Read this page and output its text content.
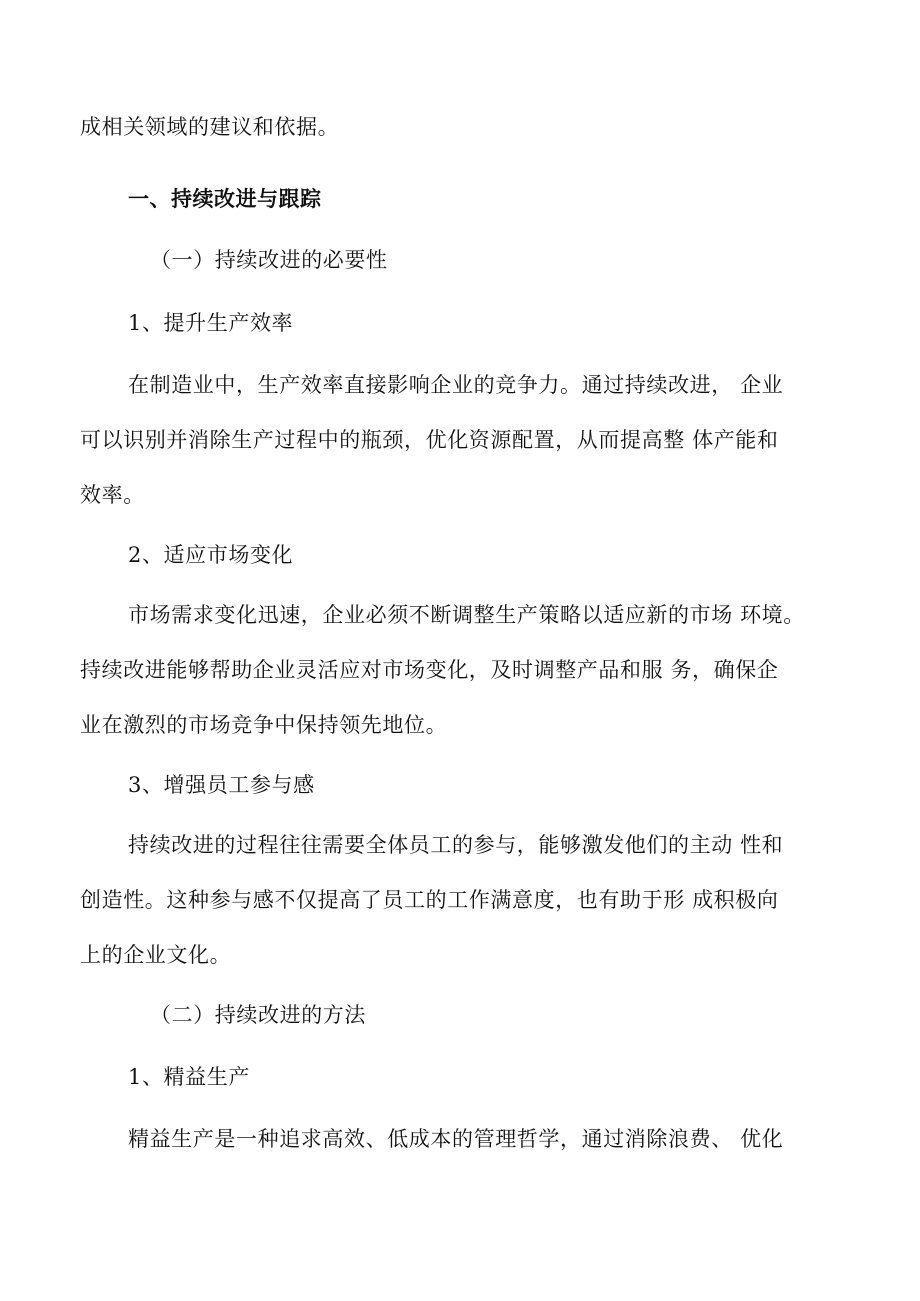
成相关领域的建议和依据。
一、持续改进与跟踪
（一）持续改进的必要性
1、提升生产效率
在制造业中，生产效率直接影响企业的竞争力。通过持续改进， 企业
可以识别并消除生产过程中的瓶颈，优化资源配置，从而提高整 体产能和
效率。
2、适应市场变化
市场需求变化迅速，企业必须不断调整生产策略以适应新的市场 环境。
持续改进能够帮助企业灵活应对市场变化，及时调整产品和服 务，确保企
业在激烈的市场竞争中保持领先地位。
3、增强员工参与感
持续改进的过程往往需要全体员工的参与，能够激发他们的主动 性和
创造性。这种参与感不仅提高了员工的工作满意度，也有助于形 成积极向
上的企业文化。
（二）持续改进的方法
1、精益生产
精益生产是一种追求高效、低成本的管理哲学，通过消除浪费、 优化
